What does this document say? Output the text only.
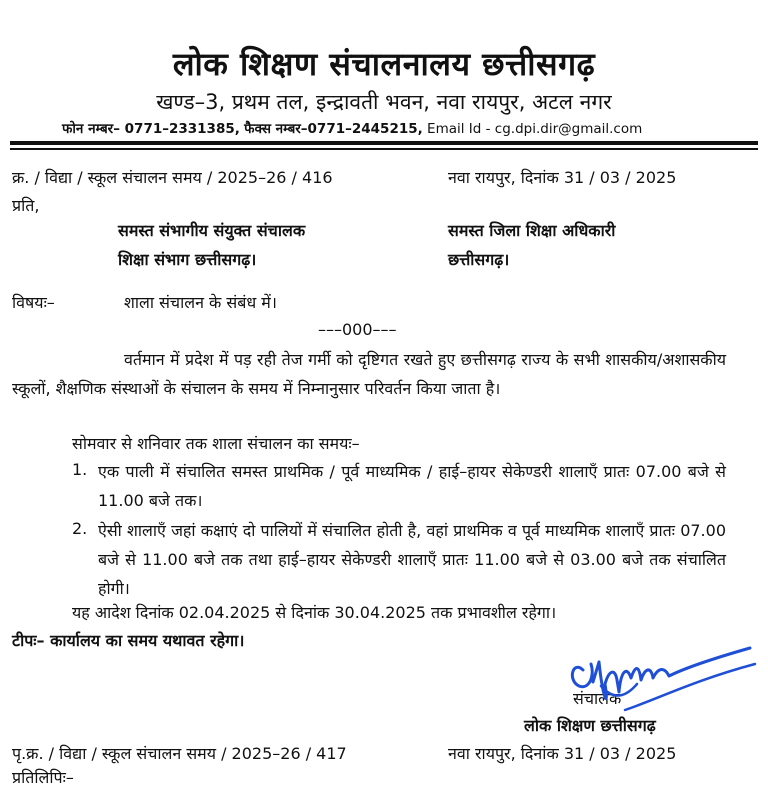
लोक शिक्षण संचालनालय छत्तीसगढ़
खण्ड–3, प्रथम तल, इन्द्रावती भवन, नवा रायपुर, अटल नगर
फोन नम्बर– 0771–2331385, फैक्स नम्बर–0771–2445215, Email Id - cg.dpi.dir@gmail.com
क्र. / विद्या / स्कूल संचालन समय / 2025–26 / 416	नवा रायपुर, दिनांक 31 / 03 / 2025
प्रति,
समस्त संभागीय संयुक्त संचालक
शिक्षा संभाग छत्तीसगढ़।
समस्त जिला शिक्षा अधिकारी
छत्तीसगढ़।
विषयः–	शाला संचालन के संबंध में।
–––000–––
वर्तमान में प्रदेश में पड़ रही तेज गर्मी को दृष्टिगत रखते हुए छत्तीसगढ़ राज्य के सभी शासकीय/अशासकीय स्कूलों, शैक्षणिक संस्थाओं के संचालन के समय में निम्नानुसार परिवर्तन किया जाता है।
सोमवार से शनिवार तक शाला संचालन का समयः–
1. एक पाली में संचालित समस्त प्राथमिक / पूर्व माध्यमिक / हाई–हायर सेकेण्डरी शालाएँ प्रातः 07.00 बजे से 11.00 बजे तक।
2. ऐसी शालाएँ जहां कक्षाएं दो पालियों में संचालित होती है, वहां प्राथमिक व पूर्व माध्यमिक शालाएँ प्रातः 07.00 बजे से 11.00 बजे तक तथा हाई–हायर सेकेण्डरी शालाएँ प्रातः 11.00 बजे से 03.00 बजे तक संचालित होगी।
यह आदेश दिनांक 02.04.2025 से दिनांक 30.04.2025 तक प्रभावशील रहेगा।
टीपः– कार्यालय का समय यथावत रहेगा।
संचालक
लोक शिक्षण छत्तीसगढ़
पृ.क्र. / विद्या / स्कूल संचालन समय / 2025–26 / 417	नवा रायपुर, दिनांक 31 / 03 / 2025
प्रतिलिपिः–
